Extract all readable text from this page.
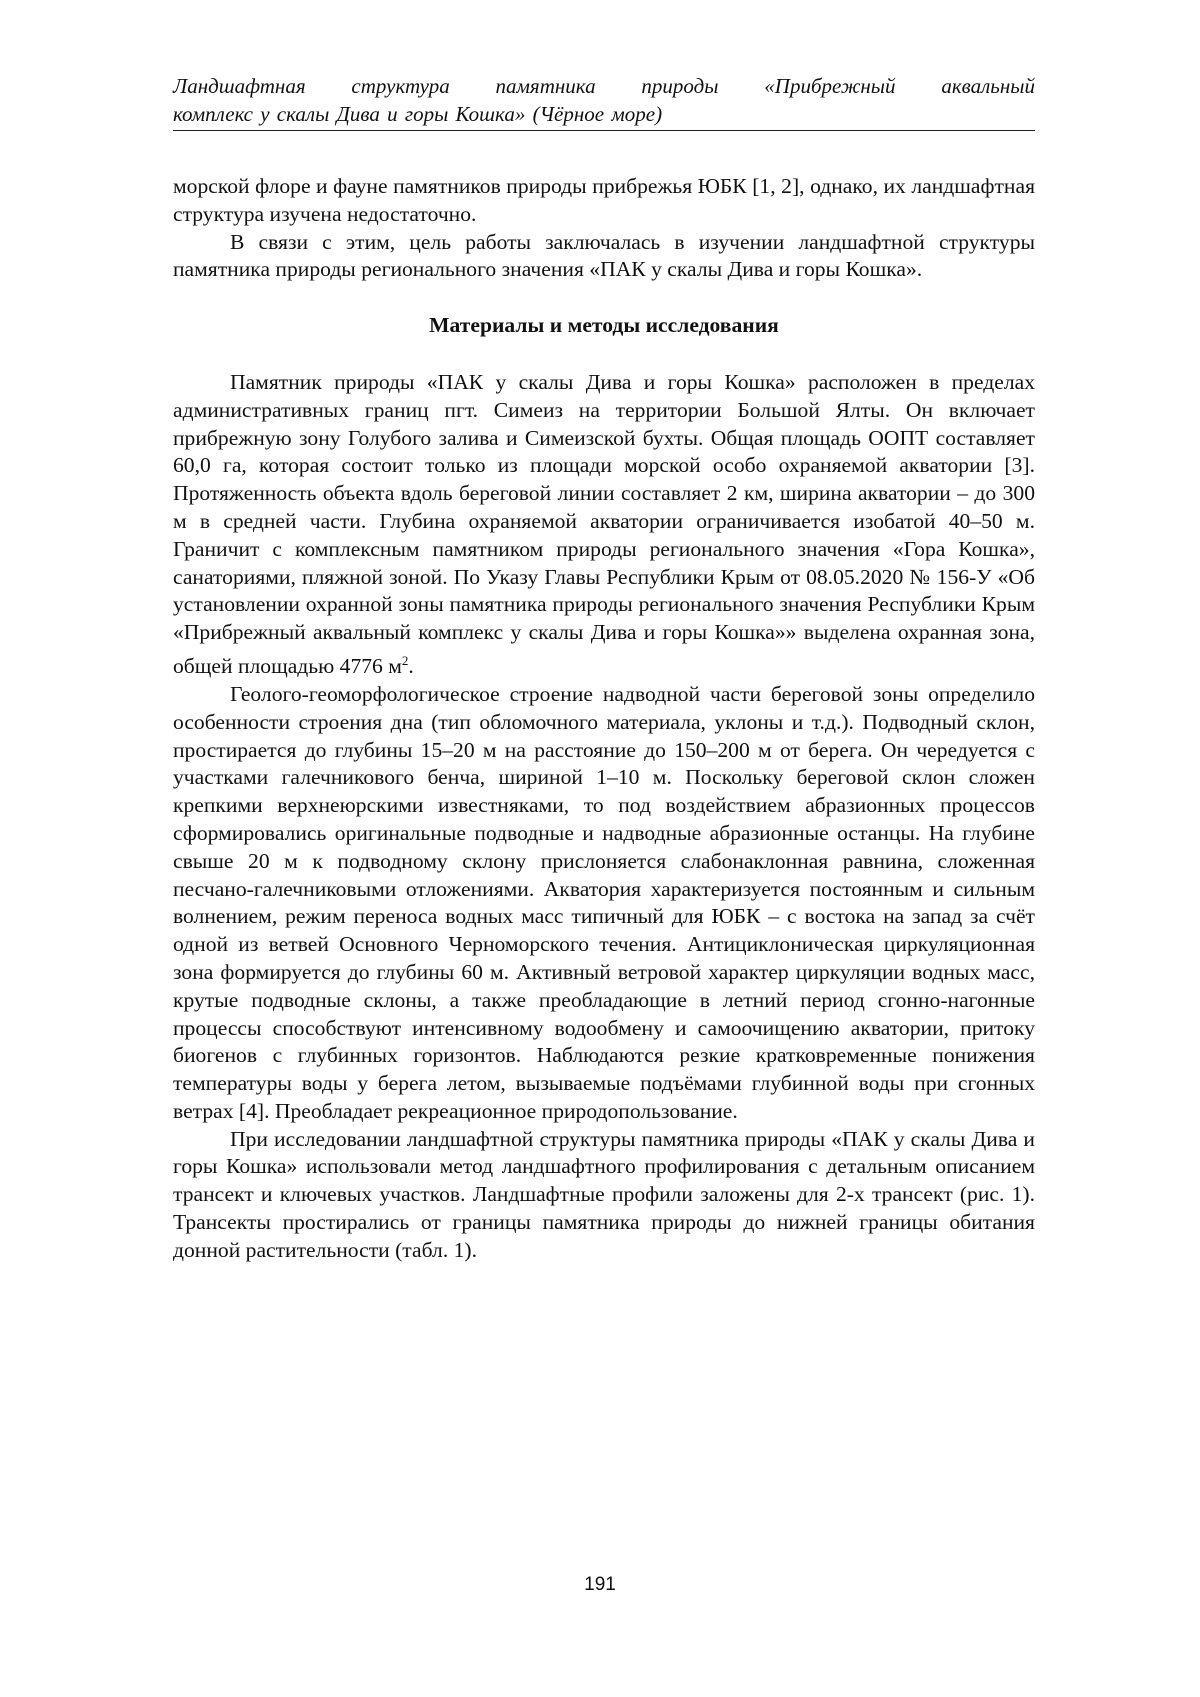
Ландшафтная структура памятника природы «Прибрежный аквальный
комплекс у скалы Дива и горы Кошка» (Чёрное море)

морской флоре и фауне памятников природы прибрежья ЮБК [1, 2], однако, их ландшафтная структура изучена недостаточно.

В связи с этим, цель работы заключалась в изучении ландшафтной структуры памятника природы регионального значения «ПАК у скалы Дива и горы Кошка».

Материалы и методы исследования

Памятник природы «ПАК у скалы Дива и горы Кошка» расположен в пределах административных границ пгт. Симеиз на территории Большой Ялты. Он включает прибрежную зону Голубого залива и Симеизской бухты. Общая площадь ООПТ составляет 60,0 га, которая состоит только из площади морской особо охраняемой акватории [3]. Протяженность объекта вдоль береговой линии составляет 2 км, ширина акватории – до 300 м в средней части. Глубина охраняемой акватории ограничивается изобатой 40–50 м. Граничит с комплексным памятником природы регионального значения «Гора Кошка», санаториями, пляжной зоной. По Указу Главы Республики Крым от 08.05.2020 № 156-У «Об установлении охранной зоны памятника природы регионального значения Республики Крым «Прибрежный аквальный комплекс у скалы Дива и горы Кошка»» выделена охранная зона, общей площадью 4776 $м^2$.

Геолого-геоморфологическое строение надводной части береговой зоны определило особенности строения дна (тип обломочного материала, уклоны и т.д.). Подводный склон, простирается до глубины 15–20 м на расстояние до 150–200 м от берега. Он чередуется с участками галечникового бенча, шириной 1–10 м. Поскольку береговой склон сложен крепкими верхнеюрскими известняками, то под воздействием абразионных процессов сформировались оригинальные подводные и надводные абразионные останцы. На глубине свыше 20 м к подводному склону прислоняется слабонаклонная равнина, сложенная песчано-галечниковыми отложениями. Акватория характеризуется постоянным и сильным волнением, режим переноса водных масс типичный для ЮБК – с востока на запад за счёт одной из ветвей Основного Черноморского течения. Антициклоническая циркуляционная зона формируется до глубины 60 м. Активный ветровой характер циркуляции водных масс, крутые подводные склоны, а также преобладающие в летний период сгонно-нагонные процессы способствуют интенсивному водообмену и самоочищению акватории, притоку биогенов с глубинных горизонтов. Наблюдаются резкие кратковременные понижения температуры воды у берега летом, вызываемые подъёмами глубинной воды при сгонных ветрах [4]. Преобладает рекреационное природопользование.

При исследовании ландшафтной структуры памятника природы «ПАК у скалы Дива и горы Кошка» использовали метод ландшафтного профилирования с детальным описанием трансект и ключевых участков. Ландшафтные профили заложены для 2-х трансект (рис. 1). Трансекты простирались от границы памятника природы до нижней границы обитания донной растительности (табл. 1).

191
